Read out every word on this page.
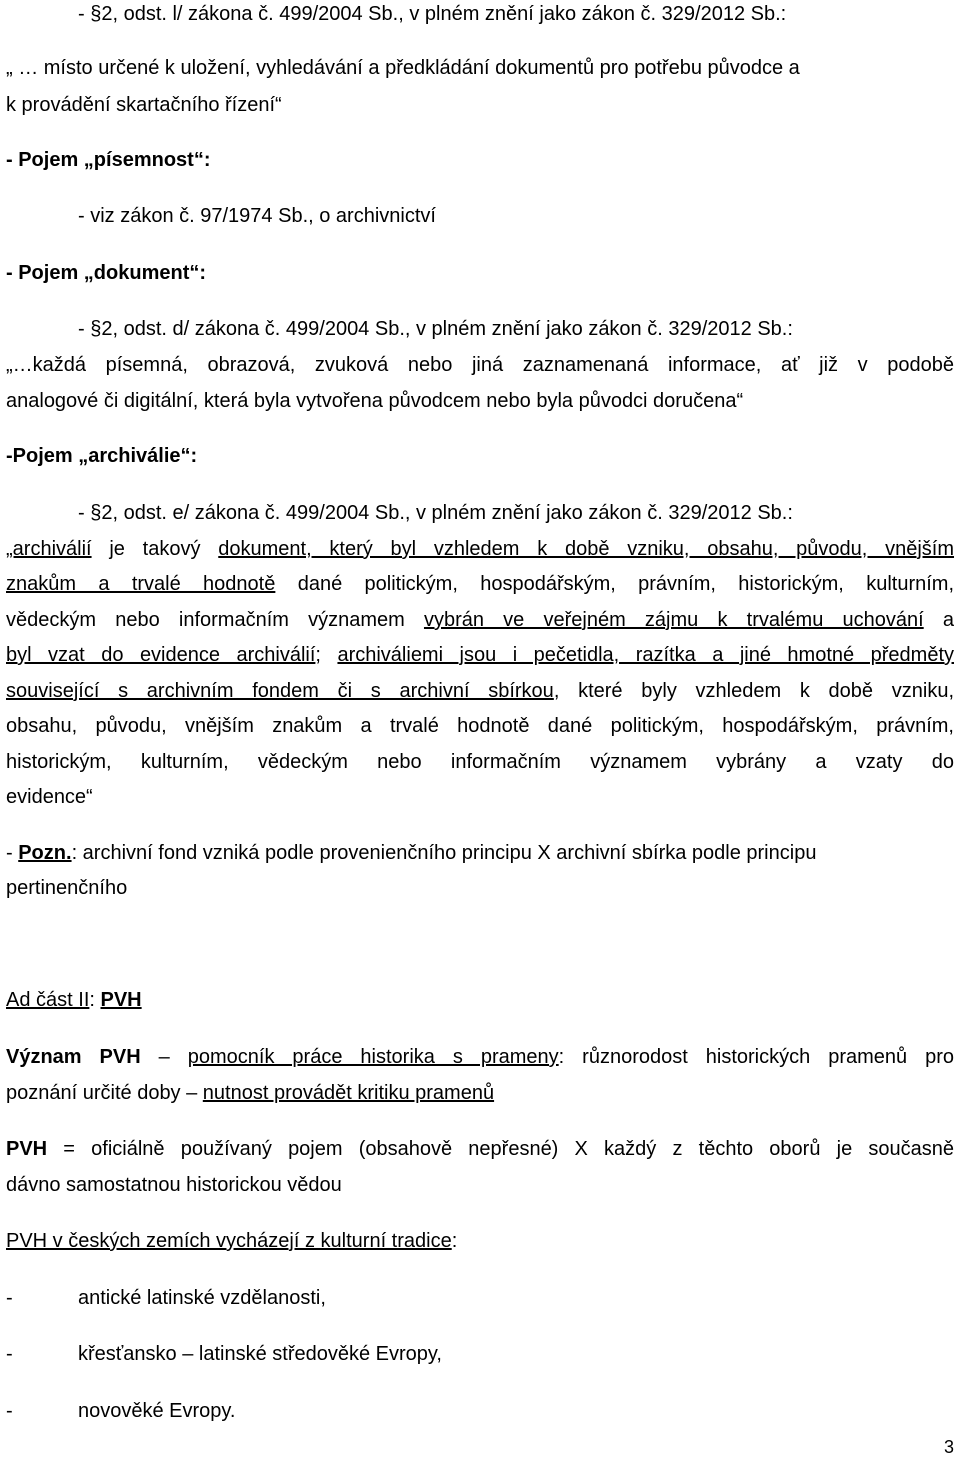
- §2, odst. l/ zákona č. 499/2004 Sb., v plném znění jako zákon č. 329/2012 Sb.:
„ … místo určené k uložení, vyhledávání a předkládání dokumentů pro potřebu původce a
k provádění skartačního řízení“
- Pojem „písemnost“:
- viz zákon č. 97/1974 Sb., o archivnictví
- Pojem „dokument“:
- §2, odst. d/ zákona č. 499/2004 Sb., v plném znění jako zákon č. 329/2012 Sb.:
„…každá písemná, obrazová, zvuková nebo jiná zaznamenaná informace, ať již v podobě
analogové či digitální, která byla vytvořena původcem nebo byla původci doručena“
-Pojem „archiválie“:
- §2, odst. e/ zákona č. 499/2004 Sb., v plném znění jako zákon č. 329/2012 Sb.:
„archiválií je takový dokument, který byl vzhledem k době vzniku, obsahu, původu, vnějším
znakům a trvalé hodnotě dané politickým, hospodářským, právním, historickým, kulturním,
vědeckým nebo informačním významem vybrán ve veřejném zájmu k trvalému uchování a
byl vzat do evidence archiválií; archiváliemi jsou i pečetidla, razítka a jiné hmotné předměty
související s archivním fondem či s archivní sbírkou, které byly vzhledem k době vzniku,
obsahu, původu, vnějším znakům a trvalé hodnotě dané politickým, hospodářským, právním,
historickým, kulturním, vědeckým nebo informačním významem vybrány a vzaty do
evidence“
- Pozn.: archivní fond vzniká podle provenienčního principu X archivní sbírka podle principu
pertinenčního
Ad část II: PVH
Význam PVH – pomocník práce historika s prameny: různorodost historických pramenů pro
poznání určité doby – nutnost provádět kritiku pramenů
PVH = oficiálně používaný pojem (obsahově nepřesné) X každý z těchto oborů je současně
dávno samostatnou historickou vědou
PVH v českých zemích vycházejí z kulturní tradice:
-	antické latinské vzdělanosti,
-	křesťansko – latinské středověké Evropy,
-	novověké Evropy.
3
